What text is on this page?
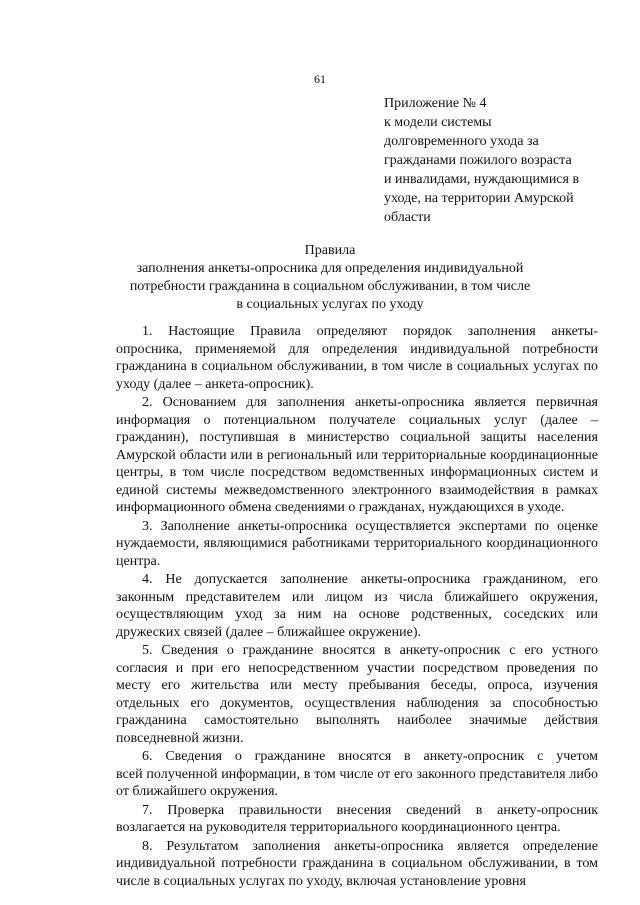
61
Приложение № 4
к модели системы
долговременного ухода за
гражданами пожилого возраста
и инвалидами, нуждающимися в
уходе, на территории Амурской
области
Правила
заполнения анкеты-опросника для определения индивидуальной
потребности гражданина в социальном обслуживании, в том числе
в социальных услугах по уходу
1. Настоящие Правила определяют порядок заполнения анкеты-
опросника, применяемой для определения индивидуальной потребности
гражданина в социальном обслуживании, в том числе в социальных услугах по
уходу (далее – анкета-опросник).
2. Основанием для заполнения анкеты-опросника является первичная
информация о потенциальном получателе социальных услуг (далее –
гражданин), поступившая в министерство социальной защиты населения
Амурской области или в региональный или территориальные координационные
центры, в том числе посредством ведомственных информационных систем и
единой системы межведомственного электронного взаимодействия в рамках
информационного обмена сведениями о гражданах, нуждающихся в уходе.
3. Заполнение анкеты-опросника осуществляется экспертами по оценке
нуждаемости, являющимися работниками территориального координационного
центра.
4. Не допускается заполнение анкеты-опросника гражданином, его
законным представителем или лицом из числа ближайшего окружения,
осуществляющим уход за ним на основе родственных, соседских или
дружеских связей (далее – ближайшее окружение).
5. Сведения о гражданине вносятся в анкету-опросник с его устного
согласия и при его непосредственном участии посредством проведения по
месту его жительства или месту пребывания беседы, опроса, изучения
отдельных его документов, осуществления наблюдения за способностью
гражданина самостоятельно выполнять наиболее значимые действия
повседневной жизни.
6. Сведения о гражданине вносятся в анкету-опросник с учетом
всей полученной информации, в том числе от его законного представителя либо
от ближайшего окружения.
7. Проверка правильности внесения сведений в анкету-опросник
возлагается на руководителя территориального координационного центра.
8. Результатом заполнения анкеты-опросника является определение
индивидуальной потребности гражданина в социальном обслуживании, в том
числе в социальных услугах по уходу, включая установление уровня
